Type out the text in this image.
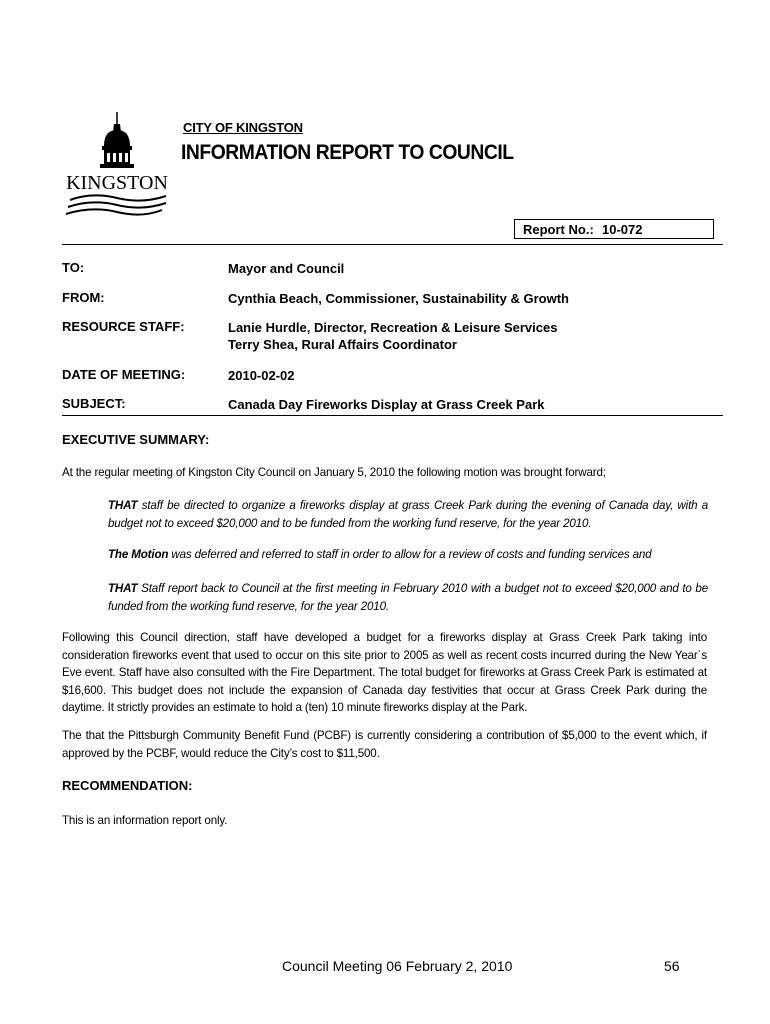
KINGSTON
CITY OF KINGSTON
INFORMATION REPORT TO COUNCIL
Report No.: 10-072
TO:	Mayor and Council
FROM:	Cynthia Beach, Commissioner, Sustainability & Growth
RESOURCE STAFF:	Lanie Hurdle, Director, Recreation & Leisure Services
Terry Shea, Rural Affairs Coordinator
DATE OF MEETING:	2010-02-02
SUBJECT:	Canada Day Fireworks Display at Grass Creek Park
EXECUTIVE SUMMARY:
At the regular meeting of Kingston City Council on January 5, 2010 the following motion was brought forward;
THAT staff be directed to organize a fireworks display at grass Creek Park during the evening of Canada day, with a budget not to exceed $20,000 and to be funded from the working fund reserve, for the year 2010.
The Motion was deferred and referred to staff in order to allow for a review of costs and funding services and
THAT Staff report back to Council at the first meeting in February 2010 with a budget not to exceed $20,000 and to be funded from the working fund reserve, for the year 2010.
Following this Council direction, staff have developed a budget for a fireworks display at Grass Creek Park taking into consideration fireworks event that used to occur on this site prior to 2005 as well as recent costs incurred during the New Year`s Eve event. Staff have also consulted with the Fire Department. The total budget for fireworks at Grass Creek Park is estimated at $16,600. This budget does not include the expansion of Canada day festivities that occur at Grass Creek Park during the daytime. It strictly provides an estimate to hold a (ten) 10 minute fireworks display at the Park.
The that the Pittsburgh Community Benefit Fund (PCBF) is currently considering a contribution of $5,000 to the event which, if approved by the PCBF, would reduce the City’s cost to $11,500.
RECOMMENDATION:
This is an information report only.
Council Meeting 06 February 2, 2010	56
